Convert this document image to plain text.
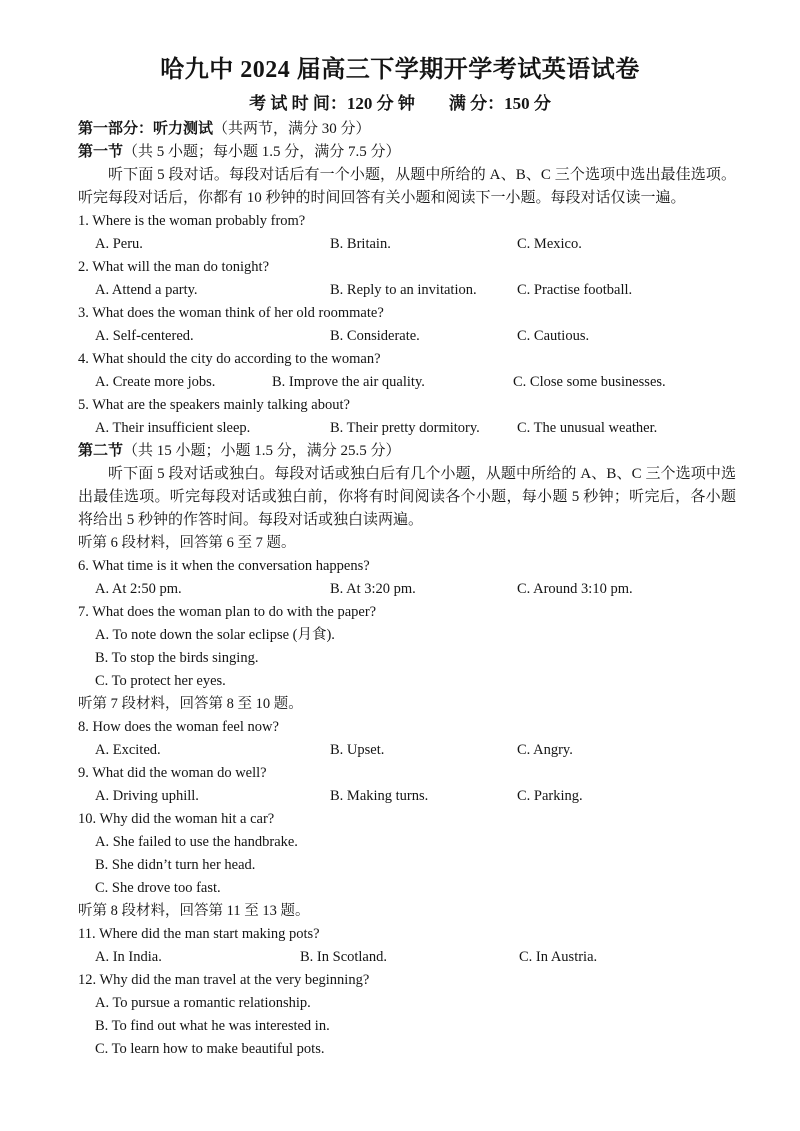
哈九中 2024 届高三下学期开学考试英语试卷
考 试 时 间：120 分 钟 满 分：150 分
第一部分：听力测试（共两节，满分 30 分）
第一节（共 5 小题；每小题 1.5 分，满分 7.5 分）
听下面 5 段对话。每段对话后有一个小题，从题中所给的 A、B、C 三个选项中选出最佳选项。听完每段对话后，你都有 10 秒钟的时间回答有关小题和阅读下一小题。每段对话仅读一遍。
1. Where is the woman probably from?
A. Peru.	B. Britain.	C. Mexico.
2. What will the man do tonight?
A. Attend a party.	B. Reply to an invitation.	C. Practise football.
3. What does the woman think of her old roommate?
A. Self-centered.	B. Considerate.	C. Cautious.
4. What should the city do according to the woman?
A. Create more jobs.	B. Improve the air quality.	C. Close some businesses.
5. What are the speakers mainly talking about?
A. Their insufficient sleep.	B. Their pretty dormitory.	C. The unusual weather.
第二节（共 15 小题；小题 1.5 分，满分 25.5 分）
听下面 5 段对话或独白。每段对话或独白后有几个小题，从题中所给的 A、B、C 三个选项中选出最佳选项。听完每段对话或独白前，你将有时间阅读各个小题，每小题 5 秒钟；听完后，各小题将给出 5 秒钟的作答时间。每段对话或独白读两遍。
听第 6 段材料，回答第 6 至 7 题。
6. What time is it when the conversation happens?
A. At 2:50 pm.	B. At 3:20 pm.	C. Around 3:10 pm.
7. What does the woman plan to do with the paper?
A. To note down the solar eclipse (月食).
B. To stop the birds singing.
C. To protect her eyes.
听第 7 段材料，回答第 8 至 10 题。
8. How does the woman feel now?
A. Excited.	B. Upset.	C. Angry.
9. What did the woman do well?
A. Driving uphill.	B. Making turns.	C. Parking.
10. Why did the woman hit a car?
A. She failed to use the handbrake.
B. She didn’t turn her head.
C. She drove too fast.
听第 8 段材料，回答第 11 至 13 题。
11. Where did the man start making pots?
A. In India.	B. In Scotland.	C. In Austria.
12. Why did the man travel at the very beginning?
A. To pursue a romantic relationship.
B. To find out what he was interested in.
C. To learn how to make beautiful pots.
